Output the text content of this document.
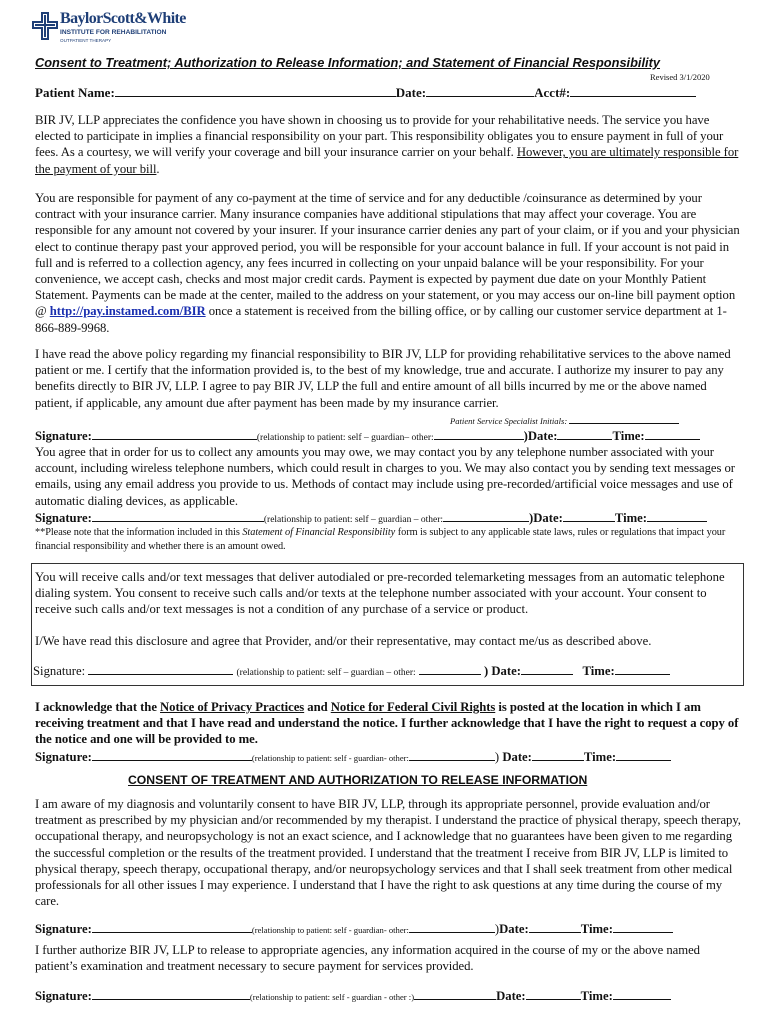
BaylorScott&White
INSTITUTE FOR REHABILITATION
OUTPATIENT THERAPY
Consent to Treatment; Authorization to Release Information; and Statement of Financial Responsibility
Revised 3/1/2020
Patient Name:	Date:	Acct#:

BIR JV, LLP appreciates the confidence you have shown in choosing us to provide for your rehabilitative needs. The service you have elected to participate in implies a financial responsibility on your part. This responsibility obligates you to ensure payment in full of your fees. As a courtesy, we will verify your coverage and bill your insurance carrier on your behalf. However, you are ultimately responsible for the payment of your bill.

You are responsible for payment of any co-payment at the time of service and for any deductible /coinsurance as determined by your contract with your insurance carrier. Many insurance companies have additional stipulations that may affect your coverage. You are responsible for any amount not covered by your insurer. If your insurance carrier denies any part of your claim, or if you and your physician elect to continue therapy past your approved period, you will be responsible for your account balance in full. If your account is not paid in full and is referred to a collection agency, any fees incurred in collecting on your unpaid balance will be your responsibility. For your convenience, we accept cash, checks and most major credit cards. Payment is expected by payment due date on your Monthly Patient Statement. Payments can be made at the center, mailed to the address on your statement, or you may access our on-line bill payment option @ http://pay.instamed.com/BIR once a statement is received from the billing office, or by calling our customer service department at 1-866-889-9968.

I have read the above policy regarding my financial responsibility to BIR JV, LLP for providing rehabilitative services to the above named patient or me. I certify that the information provided is, to the best of my knowledge, true and accurate. I authorize my insurer to pay any benefits directly to BIR JV, LLP. I agree to pay BIR JV, LLP the full and entire amount of all bills incurred by me or the above named patient, if applicable, any amount due after payment has been made by my insurance carrier.

Patient Service Specialist Initials:
Signature:	(relationship to patient: self – guardian– other:	)Date:	Time:

You agree that in order for us to collect any amounts you may owe, we may contact you by any telephone number associated with your account, including wireless telephone numbers, which could result in charges to you. We may also contact you by sending text messages or emails, using any email address you provide to us. Methods of contact may include using pre-recorded/artificial voice messages and use of automatic dialing devices, as applicable.

Signature:	(relationship to patient: self – guardian – other:	)Date:	Time:

**Please note that the information included in this Statement of Financial Responsibility form is subject to any applicable state laws, rules or regulations that impact your financial responsibility and whether there is an amount owed.

You will receive calls and/or text messages that deliver autodialed or pre-recorded telemarketing messages from an automatic telephone dialing system. You consent to receive such calls and/or texts at the telephone number associated with your account. Your consent to receive such calls and/or text messages is not a condition of any purchase of a service or product.

I/We have read this disclosure and agree that Provider, and/or their representative, may contact me/us as described above.

Signature:	(relationship to patient: self – guardian – other:	) Date:	Time:

I acknowledge that the Notice of Privacy Practices and Notice for Federal Civil Rights is posted at the location in which I am receiving treatment and that I have read and understand the notice. I further acknowledge that I have the right to request a copy of the notice and one will be provided to me.

Signature:	(relationship to patient: self - guardian- other:	) Date:	Time:
CONSENT OF TREATMENT AND AUTHORIZATION TO RELEASE INFORMATION

I am aware of my diagnosis and voluntarily consent to have BIR JV, LLP, through its appropriate personnel, provide evaluation and/or treatment as prescribed by my physician and/or recommended by my therapist. I understand the practice of physical therapy, speech therapy, occupational therapy, and neuropsychology is not an exact science, and I acknowledge that no guarantees have been given to me regarding the successful completion or the results of the treatment provided. I understand that the treatment I receive from BIR JV, LLP is limited to physical therapy, speech therapy, occupational therapy, and/or neuropsychology services and that I shall seek treatment from other medical professionals for all other issues I may experience. I understand that I have the right to ask questions at any time during the course of my care.

Signature:	(relationship to patient: self - guardian- other:	)Date:	Time:

I further authorize BIR JV, LLP to release to appropriate agencies, any information acquired in the course of my or the above named patient’s examination and treatment necessary to secure payment for services provided.

Signature:	(relationship to patient: self - guardian - other :)	Date:	Time:
